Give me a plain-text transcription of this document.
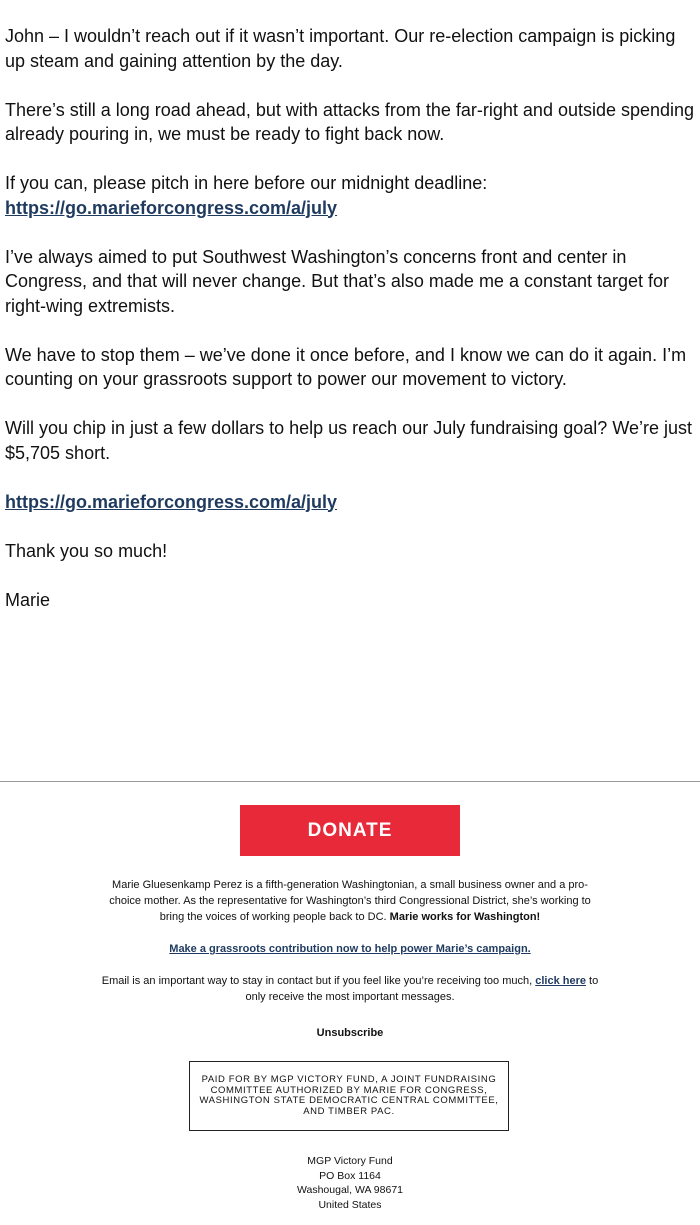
John – I wouldn’t reach out if it wasn’t important. Our re-election campaign is picking up steam and gaining attention by the day.

There’s still a long road ahead, but with attacks from the far-right and outside spending already pouring in, we must be ready to fight back now.

If you can, please pitch in here before our midnight deadline:
https://go.marieforcongress.com/a/july

I’ve always aimed to put Southwest Washington’s concerns front and center in Congress, and that will never change. But that’s also made me a constant target for right-wing extremists.

We have to stop them – we’ve done it once before, and I know we can do it again. I’m counting on your grassroots support to power our movement to victory.

Will you chip in just a few dollars to help us reach our July fundraising goal? We’re just $5,705 short.

https://go.marieforcongress.com/a/july

Thank you so much!

Marie

DONATE
Marie Gluesenkamp Perez is a fifth-generation Washingtonian, a small business owner and a pro-choice mother. As the representative for Washington’s third Congressional District, she’s working to bring the voices of working people back to DC. Marie works for Washington!
Make a grassroots contribution now to help power Marie’s campaign.
Email is an important way to stay in contact but if you feel like you’re receiving too much, click here to only receive the most important messages.
Unsubscribe
PAID FOR BY MGP VICTORY FUND, A JOINT FUNDRAISING COMMITTEE AUTHORIZED BY MARIE FOR CONGRESS, WASHINGTON STATE DEMOCRATIC CENTRAL COMMITTEE, AND TIMBER PAC.
MGP Victory Fund
PO Box 1164
Washougal, WA 98671
United States
